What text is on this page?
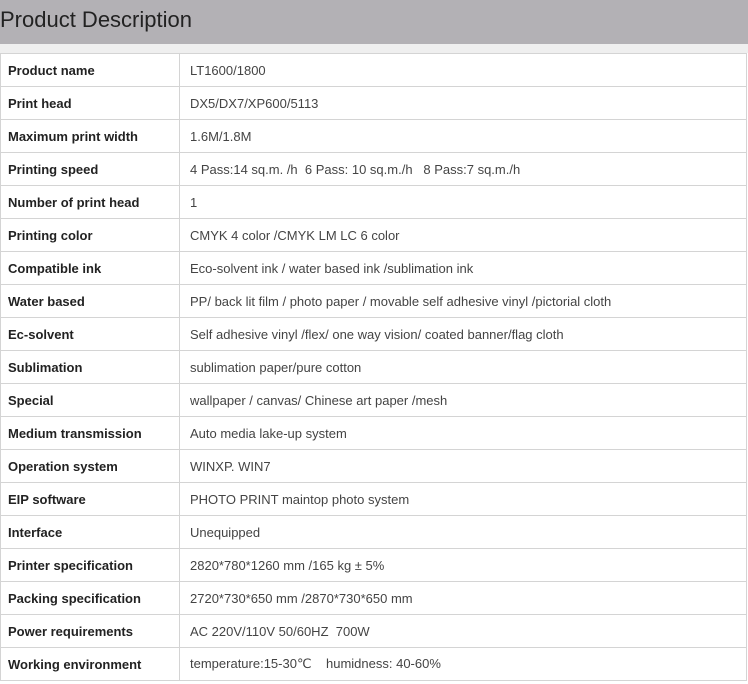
Product Description
Product name	LT1600/1800
Print head	DX5/DX7/XP600/5113
Maximum print width	1.6M/1.8M
Printing speed	4 Pass:14 sq.m. /h  6 Pass: 10 sq.m./h   8 Pass:7 sq.m./h
Number of print head	1
Printing color	CMYK 4 color /CMYK LM LC 6 color
Compatible ink	Eco-solvent ink / water based ink /sublimation ink
Water based	PP/ back lit film / photo paper / movable self adhesive vinyl /pictorial cloth
Ec-solvent	Self adhesive vinyl /flex/ one way vision/ coated banner/flag cloth
Sublimation	sublimation paper/pure cotton
Special	wallpaper / canvas/ Chinese art paper /mesh
Medium transmission	Auto media lake-up system
Operation system	WINXP. WIN7
EIP software	PHOTO PRINT maintop photo system
Interface	Unequipped
Printer specification	2820*780*1260 mm /165 kg ± 5%
Packing specification	2720*730*650 mm /2870*730*650 mm
Power requirements	AC 220V/110V 50/60HZ  700W
Working environment	temperature:15-30℃    humidness: 40-60%
